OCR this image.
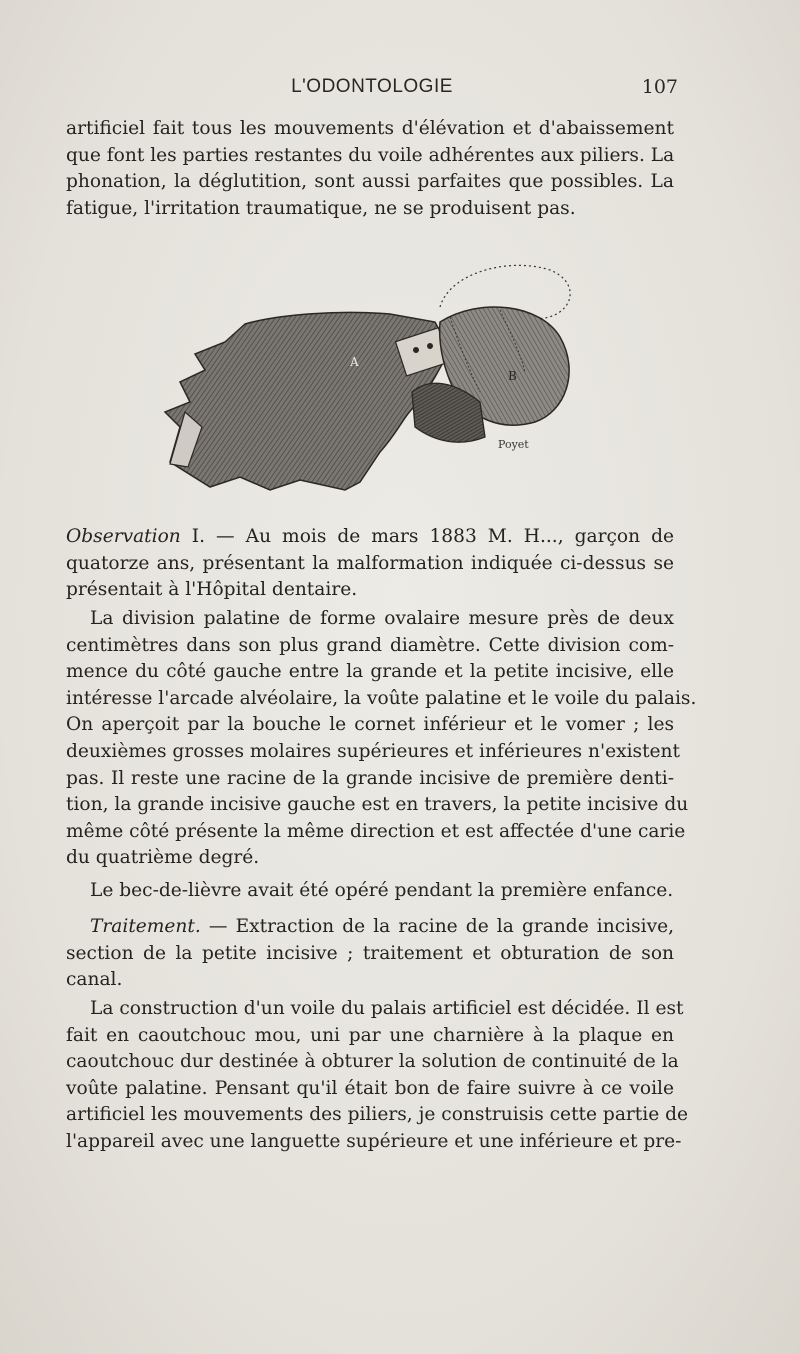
L'ODONTOLOGIE	107
artificiel fait tous les mouvements d'élévation et d'abaissement
que font les parties restantes du voile adhérentes aux piliers. La
phonation, la déglutition, sont aussi parfaites que possibles. La
fatigue, l'irritation traumatique, ne se produisent pas.
A
B
Poyet
Observation I. — Au mois de mars 1883 M. H..., garçon de
quatorze ans, présentant la malformation indiquée ci-dessus se
présentait à l'Hôpital dentaire.
La division palatine de forme ovalaire mesure près de deux
centimètres dans son plus grand diamètre. Cette division com-
mence du côté gauche entre la grande et la petite incisive, elle
intéresse l'arcade alvéolaire, la voûte palatine et le voile du palais.
On aperçoit par la bouche le cornet inférieur et le vomer ; les
deuxièmes grosses molaires supérieures et inférieures n'existent
pas. Il reste une racine de la grande incisive de première denti-
tion, la grande incisive gauche est en travers, la petite incisive du
même côté présente la même direction et est affectée d'une carie
du quatrième degré.
Le bec-de-lièvre avait été opéré pendant la première enfance.
Traitement. — Extraction de la racine de la grande incisive,
section de la petite incisive ; traitement et obturation de son
canal.
La construction d'un voile du palais artificiel est décidée. Il est
fait en caoutchouc mou, uni par une charnière à la plaque en
caoutchouc dur destinée à obturer la solution de continuité de la
voûte palatine. Pensant qu'il était bon de faire suivre à ce voile
artificiel les mouvements des piliers, je construisis cette partie de
l'appareil avec une languette supérieure et une inférieure et pre-
